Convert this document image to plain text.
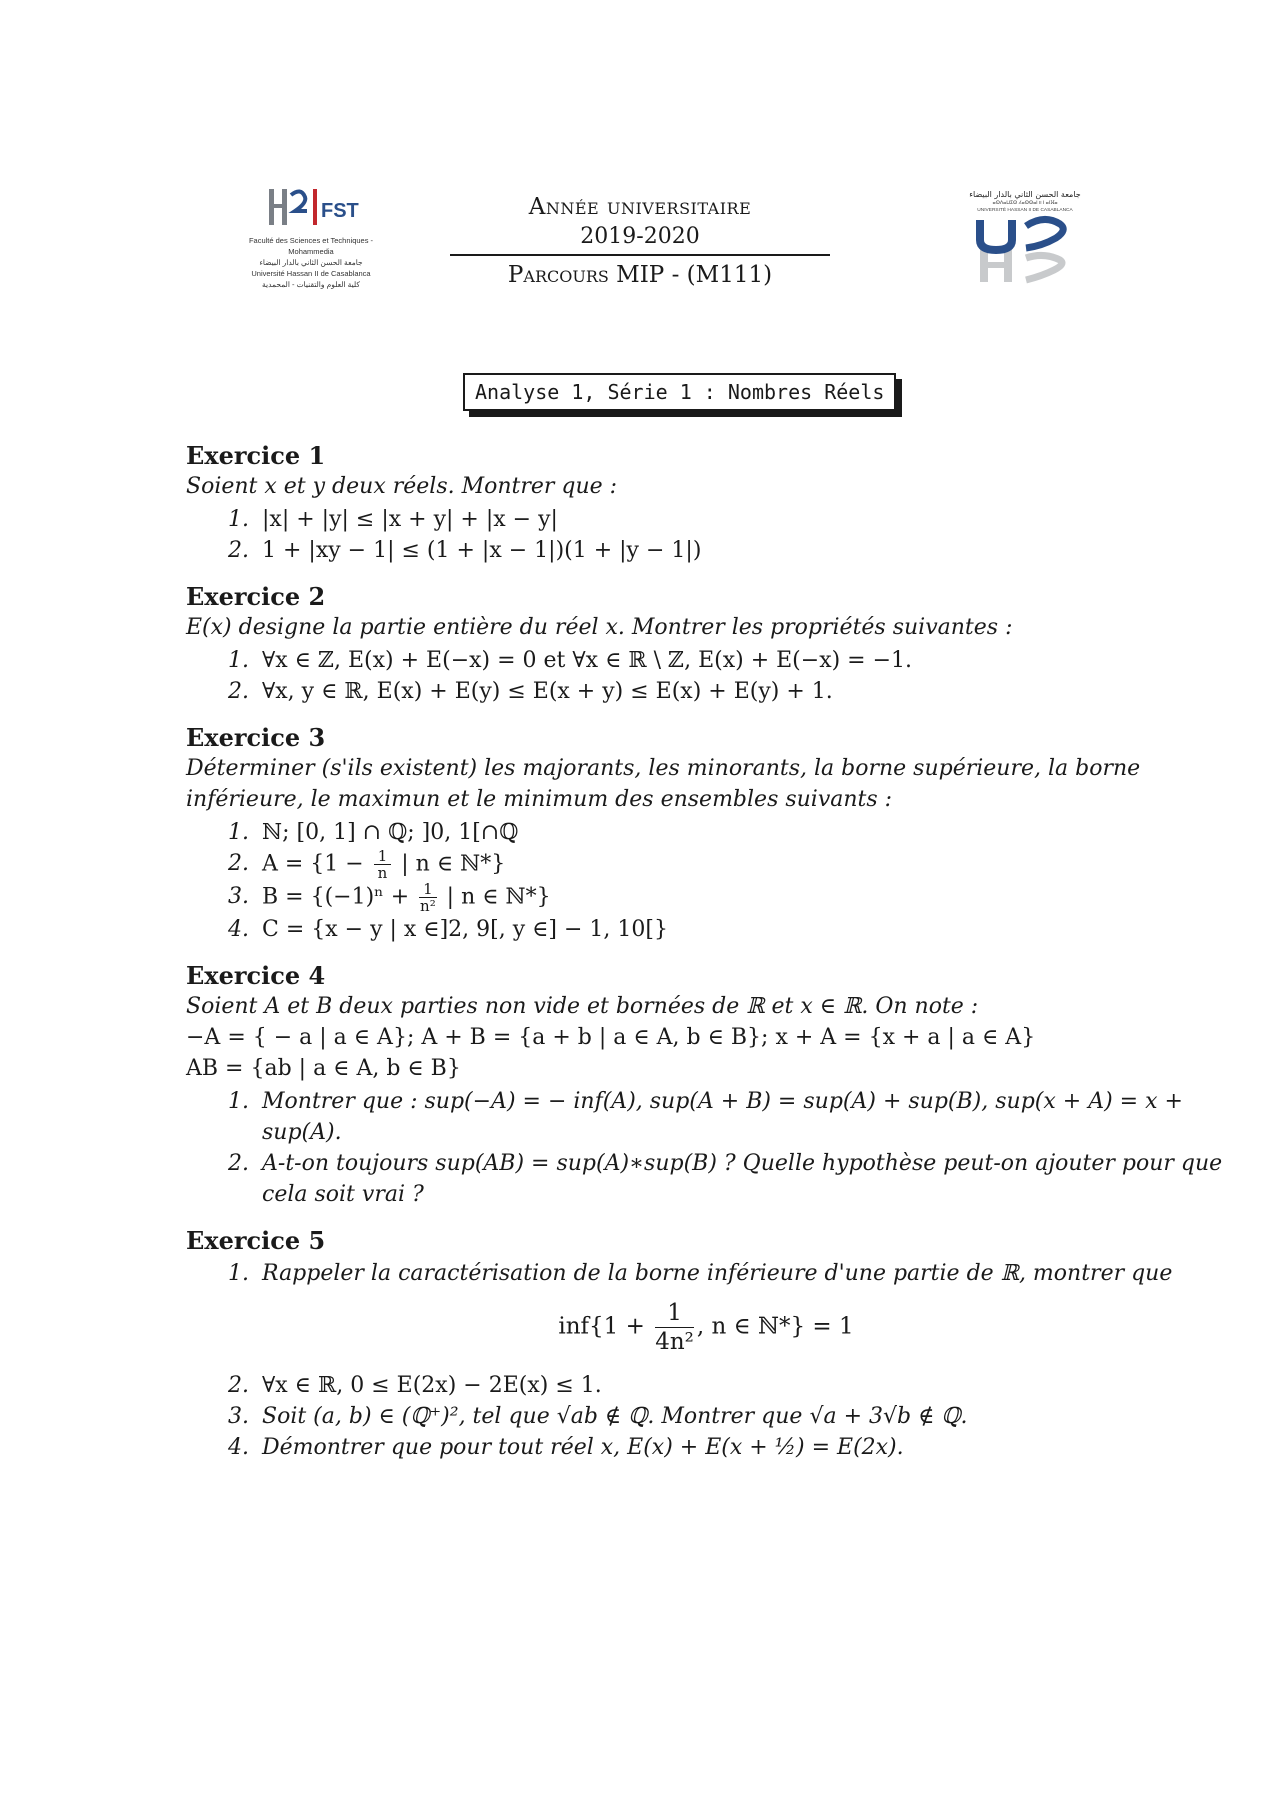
FST
Faculté des Sciences et Techniques - Mohammedia
جامعة الحسن الثاني بالدار البيضاء
Université Hassan II de Casablanca
كلية العلوم والتقنيات - المحمدية
Année universitaire
2019-2020
Parcours MIP - (M111)
جامعة الحسن الثاني بالدار البيضاء
ⴰⵙⴷⴰⵡⵉⵙ ⵃⴰⵙⵙⴰⵏ II ⵏ ⴰⵏⴼⴰ
UNIVERSITÉ HASSAN II DE CASABLANCA
Analyse 1, Série 1 : Nombres Réels
Exercice 1
Soient x et y deux réels. Montrer que :
1. |x| + |y| ≤ |x + y| + |x − y|
2. 1 + |xy − 1| ≤ (1 + |x − 1|)(1 + |y − 1|)
Exercice 2
E(x) designe la partie entière du réel x. Montrer les propriétés suivantes :
1. ∀x ∈ ℤ, E(x) + E(−x) = 0 et ∀x ∈ ℝ \ ℤ, E(x) + E(−x) = −1.
2. ∀x, y ∈ ℝ, E(x) + E(y) ≤ E(x + y) ≤ E(x) + E(y) + 1.
Exercice 3
Déterminer (s'ils existent) les majorants, les minorants, la borne supérieure, la borne inférieure, le maximun et le minimum des ensembles suivants :
1. ℕ; [0, 1] ∩ ℚ; ]0, 1[∩ℚ
2. $A = \{1 - \frac{1}{n}$ | n ∈ ℕ*}
3. $B = \{(-1)^n + \frac{1}{\text{n²}}$ | n ∈ ℕ*}
4. C = {x − y | x ∈]2, 9[, y ∈] − 1, 10[}
Exercice 4
Soient A et B deux parties non vide et bornées de ℝ et x ∈ ℝ. On note :
−A = { − a | a ∈ A}; A + B = {a + b | a ∈ A, b ∈ B}; x + A = {x + a | a ∈ A}
AB = {ab | a ∈ A, b ∈ B}
1. Montrer que : sup(−A) = − inf(A), sup(A + B) = sup(A) + sup(B), sup(x + A) = x + sup(A).
2. A-t-on toujours sup(AB) = sup(A)∗sup(B) ? Quelle hypothèse peut-on ajouter pour que cela soit vrai ?
Exercice 5
1. Rappeler la caractérisation de la borne inférieure d'une partie de ℝ, montrer que
$inf\{1 + \frac{1}{\text{4n²}}$ , n ∈ ℕ*} = 1
2. ∀x ∈ ℝ, 0 ≤ E(2x) − 2E(x) ≤ 1.
3. Soit (a, b) ∈ (ℚ⁺)², tel que √ab ∉ ℚ. Montrer que √a + 3√b ∉ ℚ.
4. Démontrer que pour tout réel x, E(x) + E(x + ½) = E(2x).
